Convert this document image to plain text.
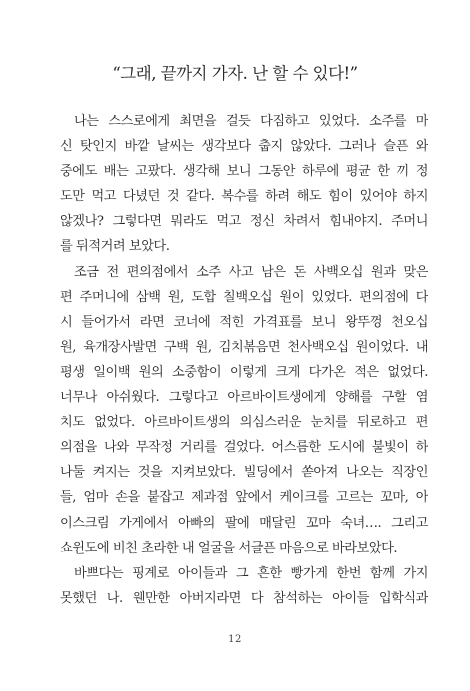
“그래, 끝까지 가자. 난 할 수 있다!”

나는 스스로에게 최면을 걸듯 다짐하고 있었다. 소주를 마
신 탓인지 바깥 날씨는 생각보다 춥지 않았다. 그러나 슬픈 와
중에도 배는 고팠다. 생각해 보니 그동안 하루에 평균 한 끼 정
도만 먹고 다녔던 것 같다. 복수를 하려 해도 힘이 있어야 하지
않겠나? 그렇다면 뭐라도 먹고 정신 차려서 힘내야지. 주머니
를 뒤적거려 보았다.

조금 전 편의점에서 소주 사고 남은 돈 사백오십 원과 맞은
편 주머니에 삼백 원, 도합 칠백오십 원이 있었다. 편의점에 다
시 들어가서 라면 코너에 적힌 가격표를 보니 왕뚜껑 천오십
원, 육개장사발면 구백 원, 김치볶음면 천사백오십 원이었다. 내
평생 일이백 원의 소중함이 이렇게 크게 다가온 적은 없었다.
너무나 아쉬웠다. 그렇다고 아르바이트생에게 양해를 구할 염
치도 없었다. 아르바이트생의 의심스러운 눈치를 뒤로하고 편
의점을 나와 무작정 거리를 걸었다. 어스름한 도시에 불빛이 하
나둘 켜지는 것을 지켜보았다. 빌딩에서 쏟아져 나오는 직장인
들, 엄마 손을 붙잡고 제과점 앞에서 케이크를 고르는 꼬마, 아
이스크림 가게에서 아빠의 팔에 매달린 꼬마 숙녀…. 그리고
쇼윈도에 비친 초라한 내 얼굴을 서글픈 마음으로 바라보았다.

바쁘다는 핑계로 아이들과 그 흔한 빵가게 한번 함께 가지
못했던 나. 웬만한 아버지라면 다 참석하는 아이들 입학식과

12
